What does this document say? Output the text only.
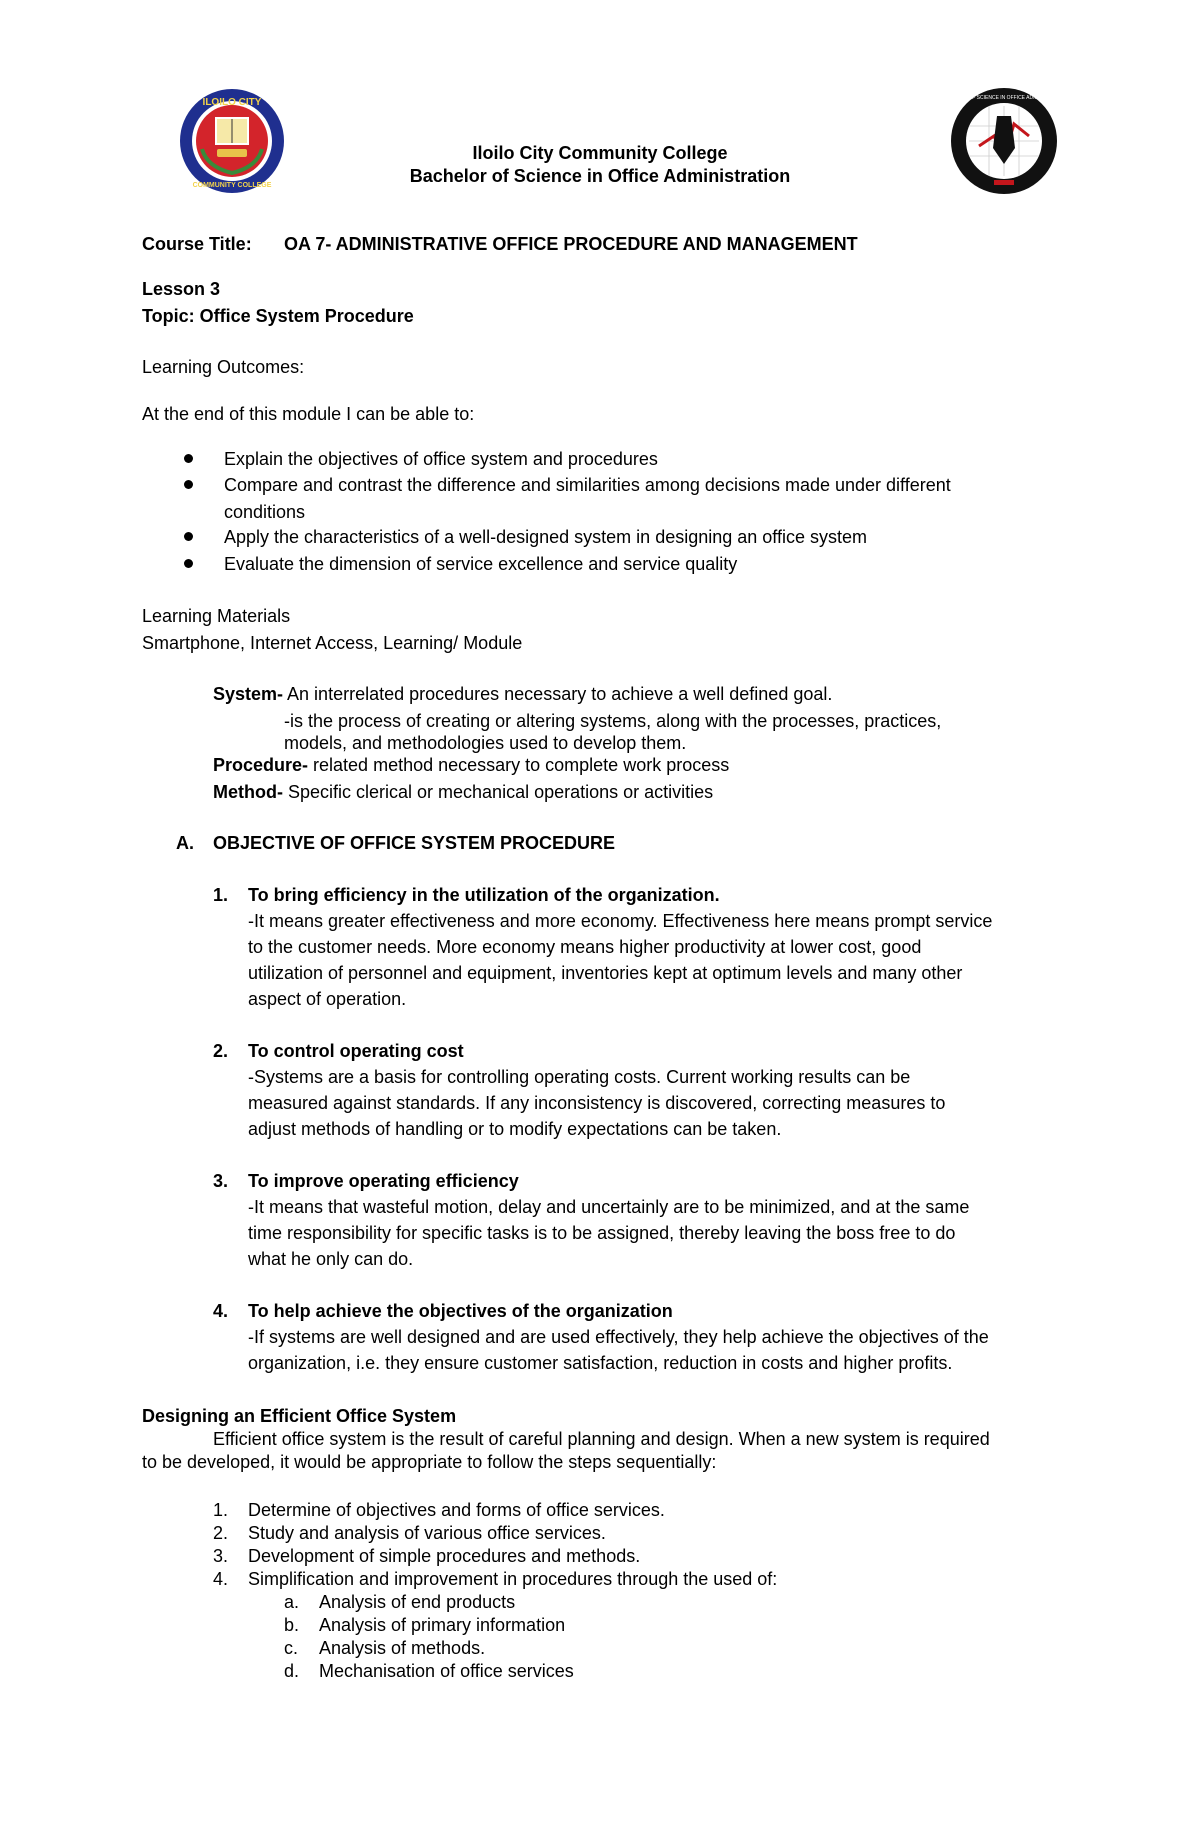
ILOILO CITY
COMMUNITY COLLEGE
BACHELOR OF SCIENCE IN OFFICE ADMINISTRATION
Iloilo City Community College
Bachelor of Science in Office Administration
Course Title: OA 7- ADMINISTRATIVE OFFICE PROCEDURE AND MANAGEMENT
Lesson 3
Topic: Office System Procedure
Learning Outcomes:
At the end of this module I can be able to:
Explain the objectives of office system and procedures
Compare and contrast the difference and similarities among decisions made under different
conditions
Apply the characteristics of a well-designed system in designing an office system
Evaluate the dimension of service excellence and service quality
Learning Materials
Smartphone, Internet Access, Learning/ Module
System- An interrelated procedures necessary to achieve a well defined goal.
-is the process of creating or altering systems, along with the processes, practices,
models, and methodologies used to develop them.
Procedure- related method necessary to complete work process
Method- Specific clerical or mechanical operations or activities
A. OBJECTIVE OF OFFICE SYSTEM PROCEDURE
1. To bring efficiency in the utilization of the organization.
-It means greater effectiveness and more economy. Effectiveness here means prompt service
to the customer needs. More economy means higher productivity at lower cost, good
utilization of personnel and equipment, inventories kept at optimum levels and many other
aspect of operation.
2. To control operating cost
-Systems are a basis for controlling operating costs. Current working results can be
measured against standards. If any inconsistency is discovered, correcting measures to
adjust methods of handling or to modify expectations can be taken.
3. To improve operating efficiency
-It means that wasteful motion, delay and uncertainly are to be minimized, and at the same
time responsibility for specific tasks is to be assigned, thereby leaving the boss free to do
what he only can do.
4. To help achieve the objectives of the organization
-If systems are well designed and are used effectively, they help achieve the objectives of the
organization, i.e. they ensure customer satisfaction, reduction in costs and higher profits.
Designing an Efficient Office System
Efficient office system is the result of careful planning and design. When a new system is required
to be developed, it would be appropriate to follow the steps sequentially:
1. Determine of objectives and forms of office services.
2. Study and analysis of various office services.
3. Development of simple procedures and methods.
4. Simplification and improvement in procedures through the used of:
a. Analysis of end products
b. Analysis of primary information
c. Analysis of methods.
d. Mechanisation of office services
